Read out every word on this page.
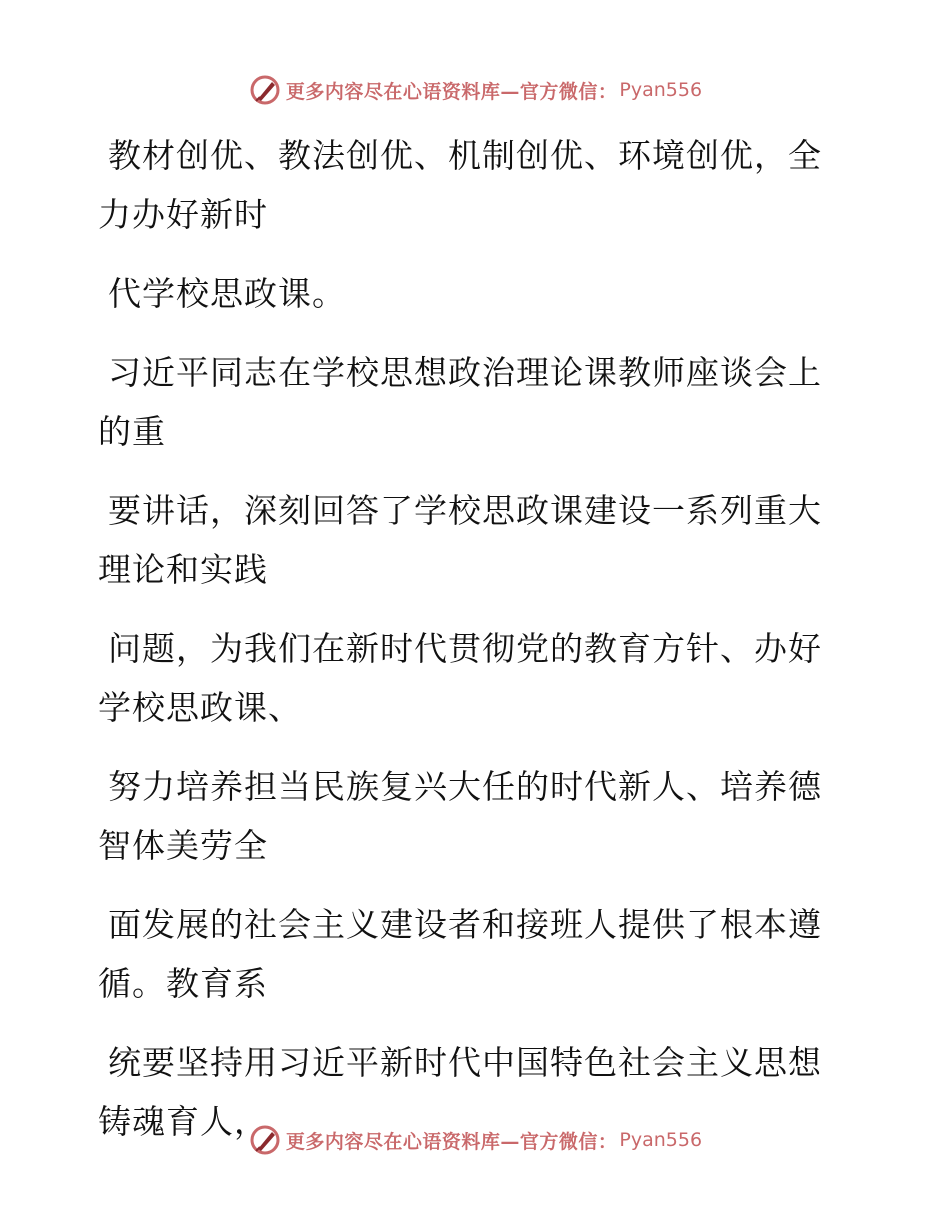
更多内容尽在心语资料库—官方微信： Pyan556

教材创优、教法创优、机制创优、环境创优，全力办好新时

代学校思政课。

习近平同志在学校思想政治理论课教师座谈会上的重

要讲话，深刻回答了学校思政课建设一系列重大理论和实践

问题，为我们在新时代贯彻党的教育方针、办好学校思政课、

努力培养担当民族复兴大任的时代新人、培养德智体美劳全

面发展的社会主义建设者和接班人提供了根本遵循。教育系

统要坚持用习近平新时代中国特色社会主义思想铸魂育人，

更多内容尽在心语资料库—官方微信： Pyan556
